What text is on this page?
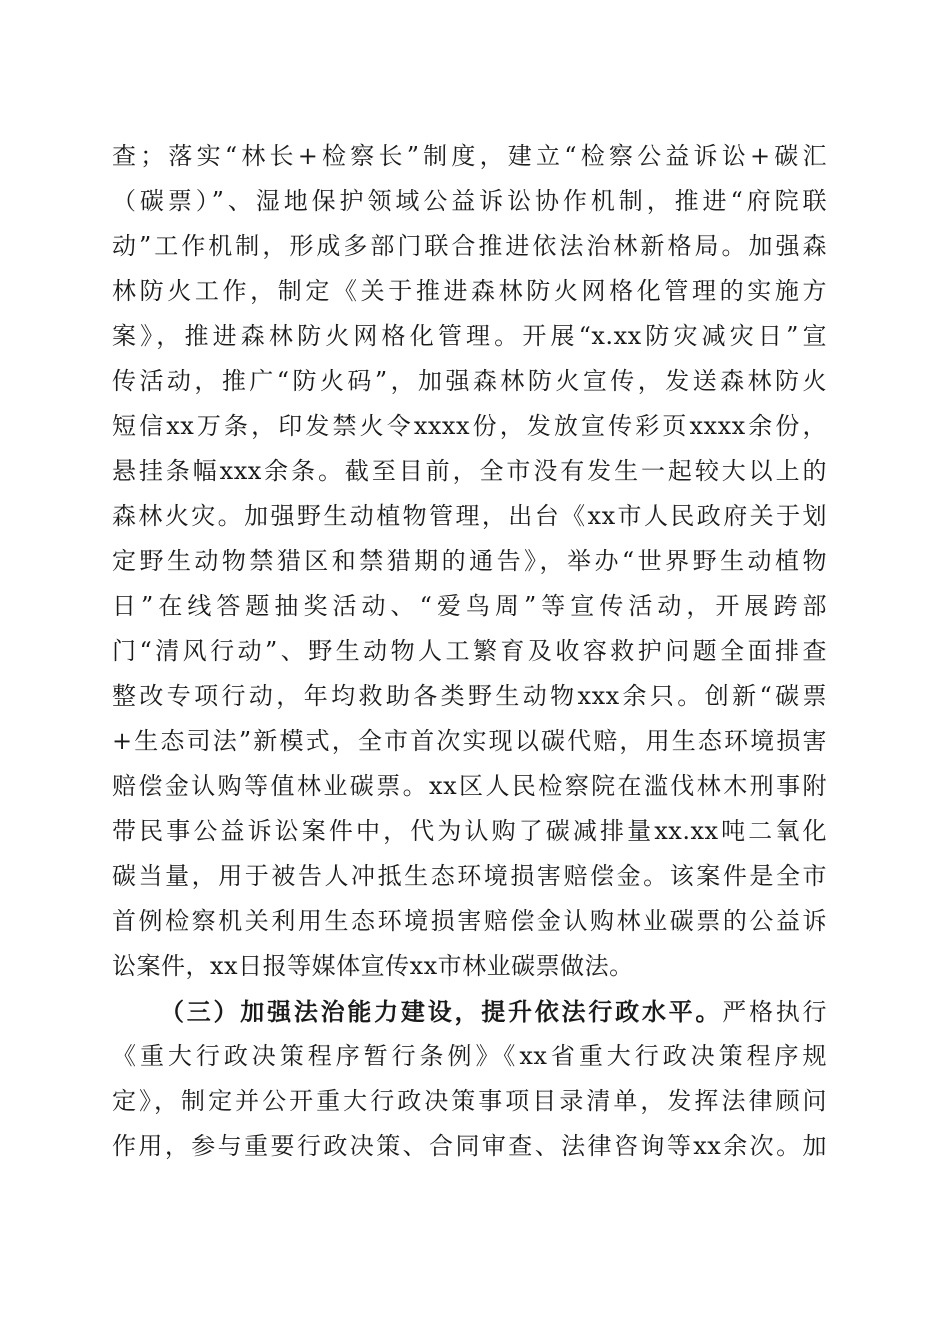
查；落实“林长+检察长”制度，建立“检察公益诉讼+碳汇
（碳票）”、湿地保护领域公益诉讼协作机制，推进“府院联
动”工作机制，形成多部门联合推进依法治林新格局。加强森
林防火工作，制定《关于推进森林防火网格化管理的实施方
案》，推进森林防火网格化管理。开展“x.xx防灾减灾日”宣
传活动，推广“防火码”，加强森林防火宣传，发送森林防火
短信xx万条，印发禁火令xxxx份，发放宣传彩页xxxx余份，
悬挂条幅xxx余条。截至目前，全市没有发生一起较大以上的
森林火灾。加强野生动植物管理，出台《xx市人民政府关于划
定野生动物禁猎区和禁猎期的通告》，举办“世界野生动植物
日”在线答题抽奖活动、“爱鸟周”等宣传活动，开展跨部
门“清风行动”、野生动物人工繁育及收容救护问题全面排查
整改专项行动，年均救助各类野生动物xxx余只。创新“碳票
+生态司法”新模式，全市首次实现以碳代赔，用生态环境损害
赔偿金认购等值林业碳票。xx区人民检察院在滥伐林木刑事附
带民事公益诉讼案件中，代为认购了碳减排量xx.xx吨二氧化
碳当量，用于被告人冲抵生态环境损害赔偿金。该案件是全市
首例检察机关利用生态环境损害赔偿金认购林业碳票的公益诉
讼案件，xx日报等媒体宣传xx市林业碳票做法。
（三）加强法治能力建设，提升依法行政水平。严格执行
《重大行政决策程序暂行条例》《xx省重大行政决策程序规
定》，制定并公开重大行政决策事项目录清单，发挥法律顾问
作用，参与重要行政决策、合同审查、法律咨询等xx余次。加
